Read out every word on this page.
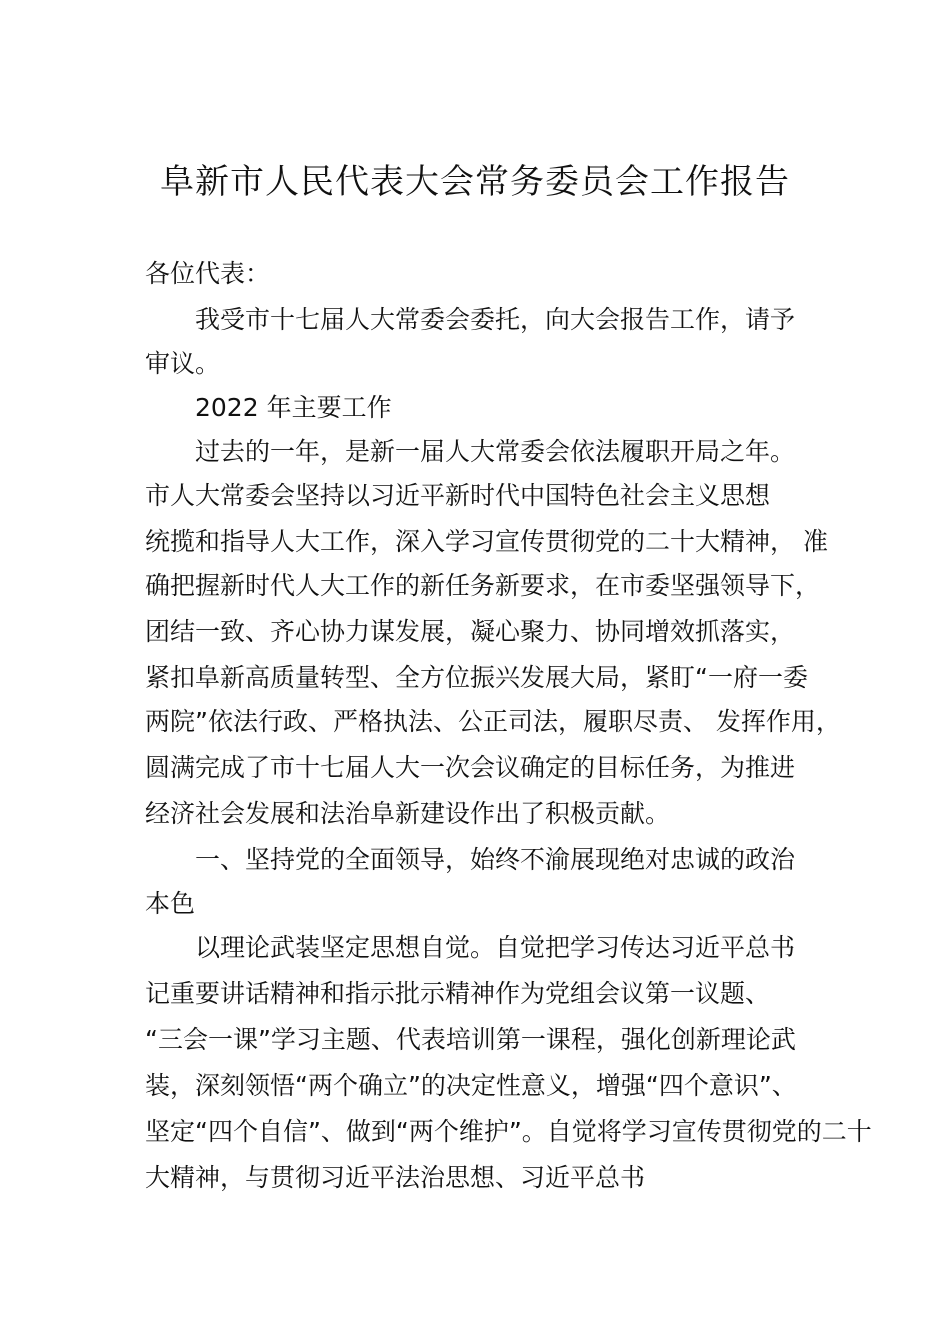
阜新市人民代表大会常务委员会工作报告
各位代表：
我受市十七届人大常委会委托，向大会报告工作，请予
审议。
2022 年主要工作
过去的一年，是新一届人大常委会依法履职开局之年。
市人大常委会坚持以习近平新时代中国特色社会主义思想
统揽和指导人大工作，深入学习宣传贯彻党的二十大精神， 准
确把握新时代人大工作的新任务新要求，在市委坚强领导下，
团结一致、齐心协力谋发展，凝心聚力、协同增效抓落实，
紧扣阜新高质量转型、全方位振兴发展大局，紧盯“一府一委
两院”依法行政、严格执法、公正司法，履职尽责、 发挥作用，
圆满完成了市十七届人大一次会议确定的目标任务，为推进
经济社会发展和法治阜新建设作出了积极贡献。
一、坚持党的全面领导，始终不渝展现绝对忠诚的政治
本色
以理论武装坚定思想自觉。自觉把学习传达习近平总书
记重要讲话精神和指示批示精神作为党组会议第一议题、
“三会一课”学习主题、代表培训第一课程，强化创新理论武
装，深刻领悟“两个确立”的决定性意义，增强“四个意识”、
坚定“四个自信”、做到“两个维护”。自觉将学习宣传贯彻党的二十
大精神，与贯彻习近平法治思想、习近平总书
